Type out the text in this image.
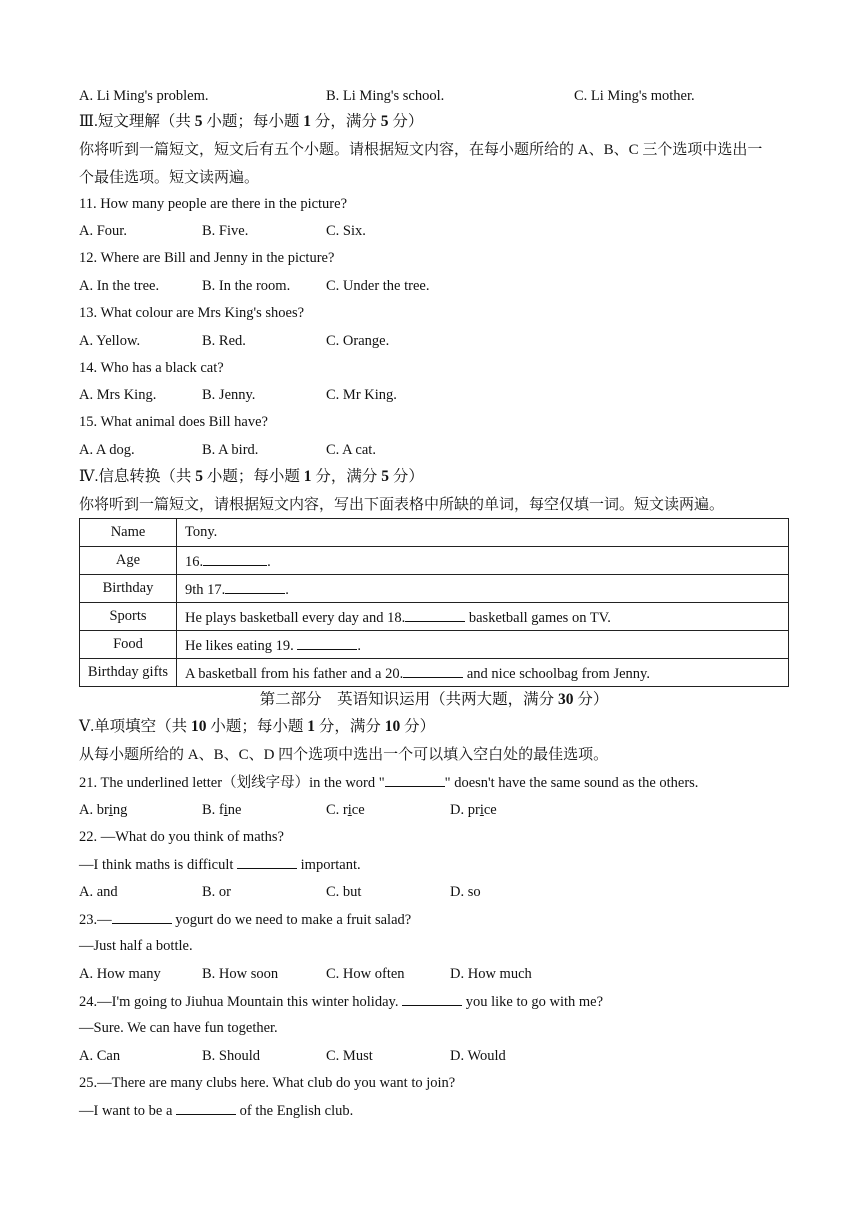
A. Li Ming's problem.	B. Li Ming's school.	C. Li Ming's mother.
Ⅲ.短文理解（共 5 小题；每小题 1 分，满分 5 分）
你将听到一篇短文，短文后有五个小题。请根据短文内容，在每小题所给的 A、B、C 三个选项中选出一
个最佳选项。短文读两遍。
11. How many people are there in the picture?
A. Four.	B. Five.	C. Six.
12. Where are Bill and Jenny in the picture?
A. In the tree.	B. In the room. C. Under the tree.
13. What colour are Mrs King's shoes?
A. Yellow.	B. Red.	C. Orange.
14. Who has a black cat?
A. Mrs King.	B. Jenny.	C. Mr King.
15. What animal does Bill have?
A. A dog.	B. A bird.	C. A cat.
Ⅳ.信息转换（共 5 小题；每小题 1 分，满分 5 分）
你将听到一篇短文，请根据短文内容，写出下面表格中所缺的单词，每空仅填一词。短文读两遍。
Name	Tony.
Age	16. .
Birthday	9th 17. .
Sports	He plays basketball every day and 18. basketball games on TV.
Food	He likes eating 19. .
Birthday gifts	A basketball from his father and a 20. and nice schoolbag from Jenny.
第二部分　英语知识运用（共两大题，满分 30 分）
Ⅴ.单项填空（共 10 小题；每小题 1 分，满分 10 分）
从每小题所给的 A、B、C、D 四个选项中选出一个可以填入空白处的最佳选项。
21. The underlined letter（划线字母）in the word "	" doesn't have the same sound as the others.
A. bring	B. fine	C. rice	D. price
22. —What do you think of maths?
—I think maths is difficult	important.
A. and	B. or	C. but	D. so
23.—	yogurt do we need to make a fruit salad?
—Just half a bottle.
A. How many	B. How soon	C. How often	D. How much
24.—I'm going to Jiuhua Mountain this winter holiday.	you like to go with me?
—Sure. We can have fun together.
A. Can	B. Should	C. Must	D. Would
25.—There are many clubs here. What club do you want to join?
—I want to be a	of the English club.
